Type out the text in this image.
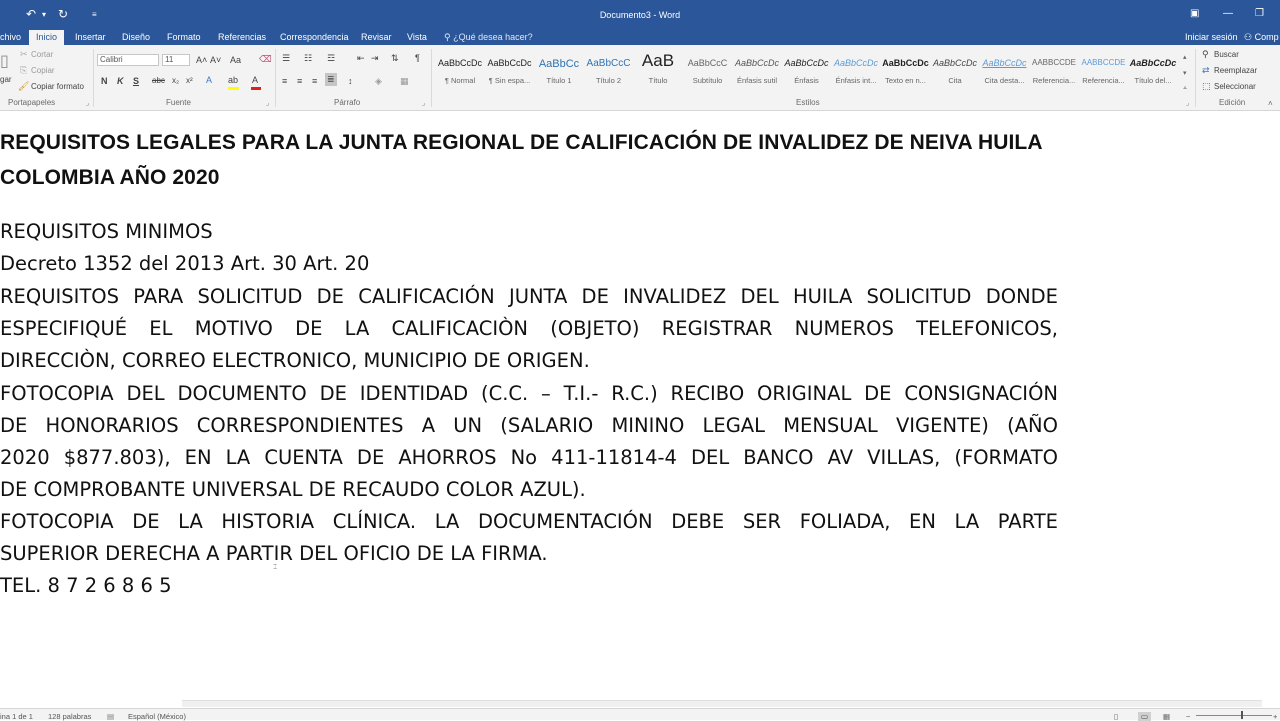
↶ ▾ ↻	≡	Documento3 - Word	▣ — ❐
chivo	Inicio	Insertar Diseño Formato Referencias Correspondencia Revisar Vista ⚲ ¿Qué desea hacer?	Iniciar sesión ⚇ Comp
▯
gar
✂ Cortar
⎘ Copiar
🖌 Copiar formato
Portapapeles	⌟
Calibri	11	A˄ A˅ Aa ⌫
N K S abc x₂ x² A ab A
Fuente	⌟
☰ ☷ ☲ ⇤ ⇥ ⇅ ¶
≡ ≡ ≡ ≣ ↕	◈ ▦
Párrafo	⌟
AaBbCcDc
¶ Normal
AaBbCcDc
¶ Sin espa...
AaBbCc
Título 1
AaBbCcC
Título 2
AaB
Título
AaBbCcC
Subtítulo
AaBbCcDc
Énfasis sutil
AaBbCcDc
Énfasis
AaBbCcDc
Énfasis int...
AaBbCcDc
Texto en n...
AaBbCcDc
Cita
AaBbCcDc
Cita desta...
AABBCCDE
Referencia...
AABBCCDE
Referencia...
AaBbCcDc
Título del...
▴
▾
⩡
Estilos	⌟
⚲ Buscar
⇄ Reemplazar
⬚ Seleccionar
Edición	˄
REQUISITOS LEGALES PARA LA JUNTA REGIONAL DE CALIFICACIÓN DE INVALIDEZ DE NEIVA HUILA
COLOMBIA AÑO 2020
REQUISITOS MINIMOS
Decreto 1352 del 2013 Art. 30 Art. 20
REQUISITOS PARA SOLICITUD DE CALIFICACIÓN JUNTA DE INVALIDEZ DEL HUILA SOLICITUD DONDE
ESPECIFIQUÉ EL MOTIVO DE LA CALIFICACIÒN (OBJETO) REGISTRAR NUMEROS TELEFONICOS,
DIRECCIÒN, CORREO ELECTRONICO, MUNICIPIO DE ORIGEN.
FOTOCOPIA DEL DOCUMENTO DE IDENTIDAD (C.C. – T.I.- R.C.) RECIBO ORIGINAL DE CONSIGNACIÓN
DE HONORARIOS CORRESPONDIENTES A UN (SALARIO MININO LEGAL MENSUAL VIGENTE) (AÑO
2020 $877.803), EN LA CUENTA DE AHORROS No 411-11814-4 DEL BANCO AV VILLAS, (FORMATO
DE COMPROBANTE UNIVERSAL DE RECAUDO COLOR AZUL).
FOTOCOPIA DE LA HISTORIA CLÍNICA. LA DOCUMENTACIÓN DEBE SER FOLIADA, EN LA PARTE
SUPERIOR DERECHA A PARTIR DEL OFICIO DE LA FIRMA.
TEL. 8 7 2 6 8 6 5
⌶
ina 1 de 1 128 palabras ▤ Español (México)	▯	▭	▦ −	+
